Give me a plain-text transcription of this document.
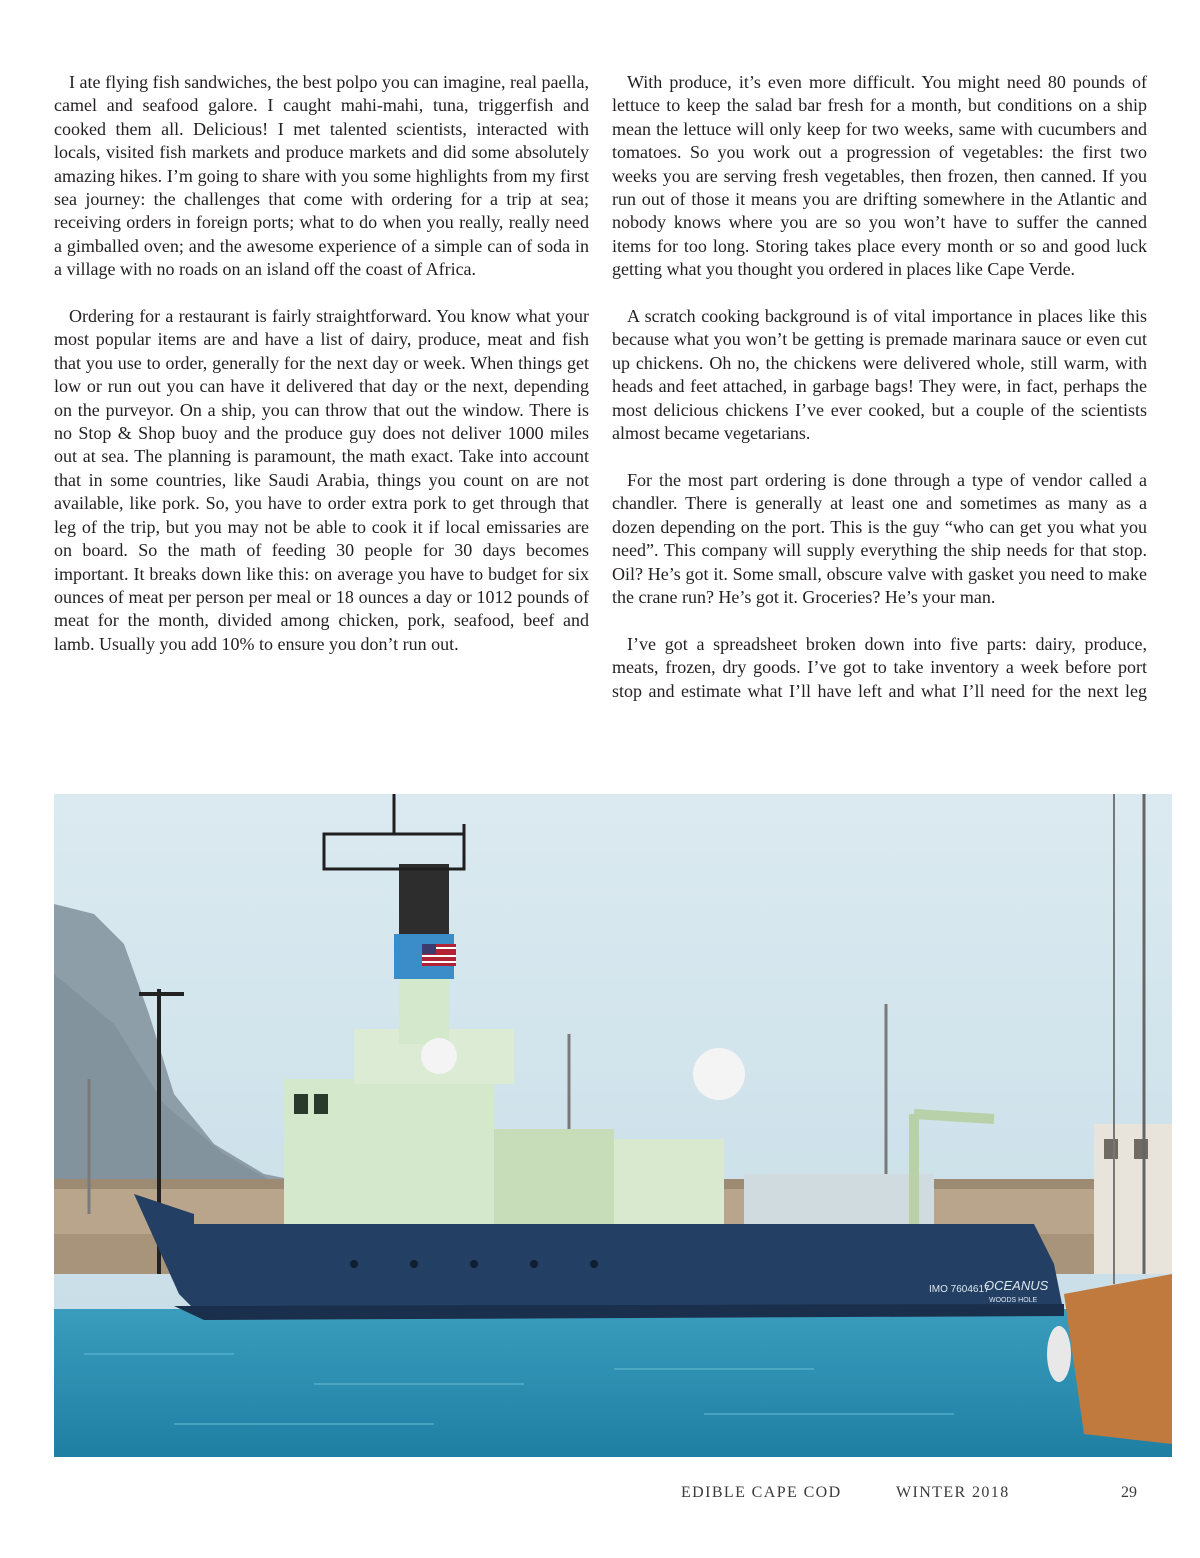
I ate flying fish sandwiches, the best polpo you can imagine, real paella, camel and seafood galore. I caught mahi-mahi, tuna, triggerfish and cooked them all. Delicious! I met talented scientists, interacted with locals, visited fish markets and produce markets and did some absolutely amazing hikes. I’m going to share with you some highlights from my first sea journey: the challenges that come with ordering for a trip at sea; receiving orders in foreign ports; what to do when you really, really need a gimballed oven; and the awesome experience of a simple can of soda in a village with no roads on an island off the coast of Africa.

Ordering for a restaurant is fairly straightforward. You know what your most popular items are and have a list of dairy, produce, meat and fish that you use to order, generally for the next day or week. When things get low or run out you can have it delivered that day or the next, depending on the purveyor. On a ship, you can throw that out the window. There is no Stop & Shop buoy and the produce guy does not deliver 1000 miles out at sea. The planning is paramount, the math exact. Take into account that in some countries, like Saudi Arabia, things you count on are not available, like pork. So, you have to order extra pork to get through that leg of the trip, but you may not be able to cook it if local emissaries are on board. So the math of feeding 30 people for 30 days becomes important. It breaks down like this: on average you have to budget for six ounces of meat per person per meal or 18 ounces a day or 1012 pounds of meat for the month, divided among chicken, pork, seafood, beef and lamb. Usually you add 10% to ensure you don’t run out.

With produce, it’s even more difficult. You might need 80 pounds of lettuce to keep the salad bar fresh for a month, but conditions on a ship mean the lettuce will only keep for two weeks, same with cucumbers and tomatoes. So you work out a progression of vegetables: the first two weeks you are serving fresh vegetables, then frozen, then canned. If you run out of those it means you are drifting somewhere in the Atlantic and nobody knows where you are so you won’t have to suffer the canned items for too long. Storing takes place every month or so and good luck getting what you thought you ordered in places like Cape Verde.

A scratch cooking background is of vital importance in places like this because what you won’t be getting is premade marinara sauce or even cut up chickens. Oh no, the chickens were delivered whole, still warm, with heads and feet attached, in garbage bags! They were, in fact, perhaps the most delicious chickens I’ve ever cooked, but a couple of the scientists almost became vegetarians.

For the most part ordering is done through a type of vendor called a chandler. There is generally at least one and sometimes as many as a dozen depending on the port. This is the guy “who can get you what you need”. This company will supply everything the ship needs for that stop. Oil? He’s got it. Some small, obscure valve with gasket you need to make the crane run? He’s got it. Groceries? He’s your man.

I’ve got a spreadsheet broken down into five parts: dairy, produce, meats, frozen, dry goods. I’ve got to take inventory a week before port stop and estimate what I’ll have left and what I’ll need for the next leg

IMO 7604617
OCEANUS
WOODS HOLE
EDIBLE CAPE COD	WINTER 2018	29
